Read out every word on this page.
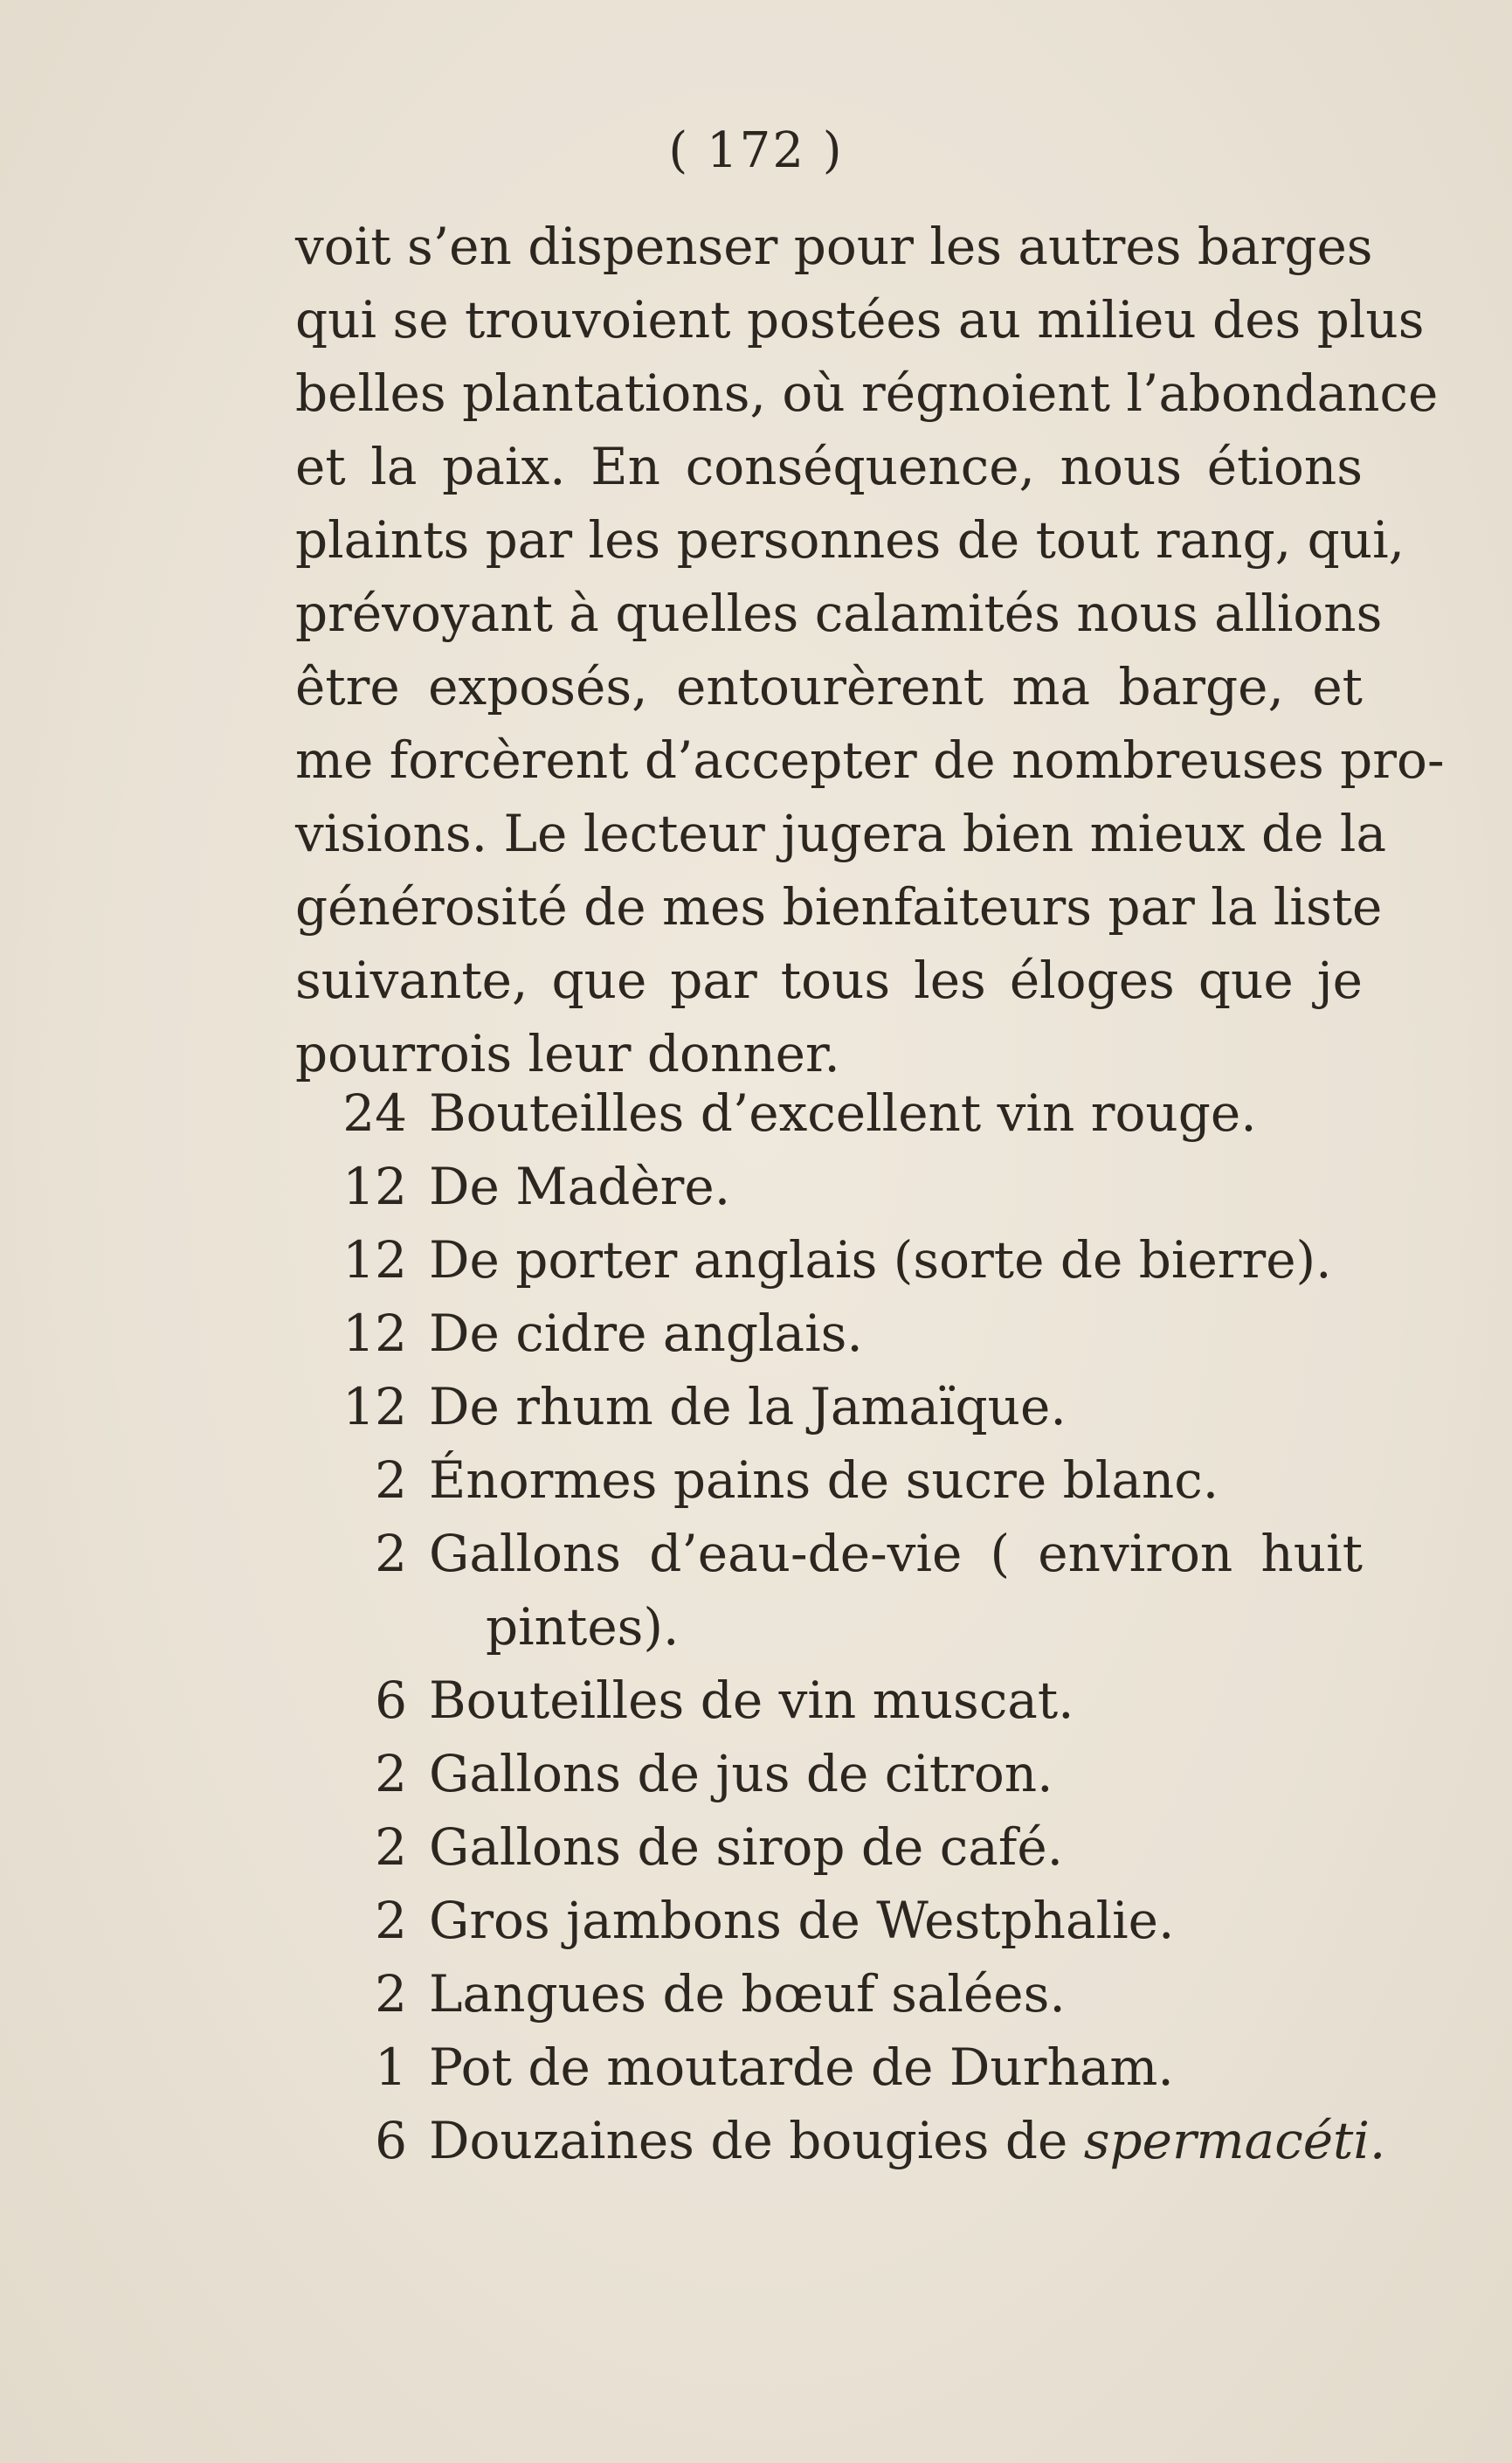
( 172 )
voit s’en dispenser pour les autres barges
qui se trouvoient postées au milieu des plus
belles plantations, où régnoient l’abondance
et la paix. En conséquence, nous étions
plaints par les personnes de tout rang, qui,
prévoyant à quelles calamités nous allions
être exposés, entourèrent ma barge, et
me forcèrent d’accepter de nombreuses pro-
visions. Le lecteur jugera bien mieux de la
générosité de mes bienfaiteurs par la liste
suivante, que par tous les éloges que je
pourrois leur donner.
24 Bouteilles d’excellent vin rouge.
12 De Madère.
12 De porter anglais (sorte de bierre).
12 De cidre anglais.
12 De rhum de la Jamaïque.
2 Énormes pains de sucre blanc.
2 Gallons d’eau-de-vie ( environ huit
pintes).
6 Bouteilles de vin muscat.
2 Gallons de jus de citron.
2 Gallons de sirop de café.
2 Gros jambons de Westphalie.
2 Langues de bœuf salées.
1 Pot de moutarde de Durham.
6 Douzaines de bougies de spermacéti.
